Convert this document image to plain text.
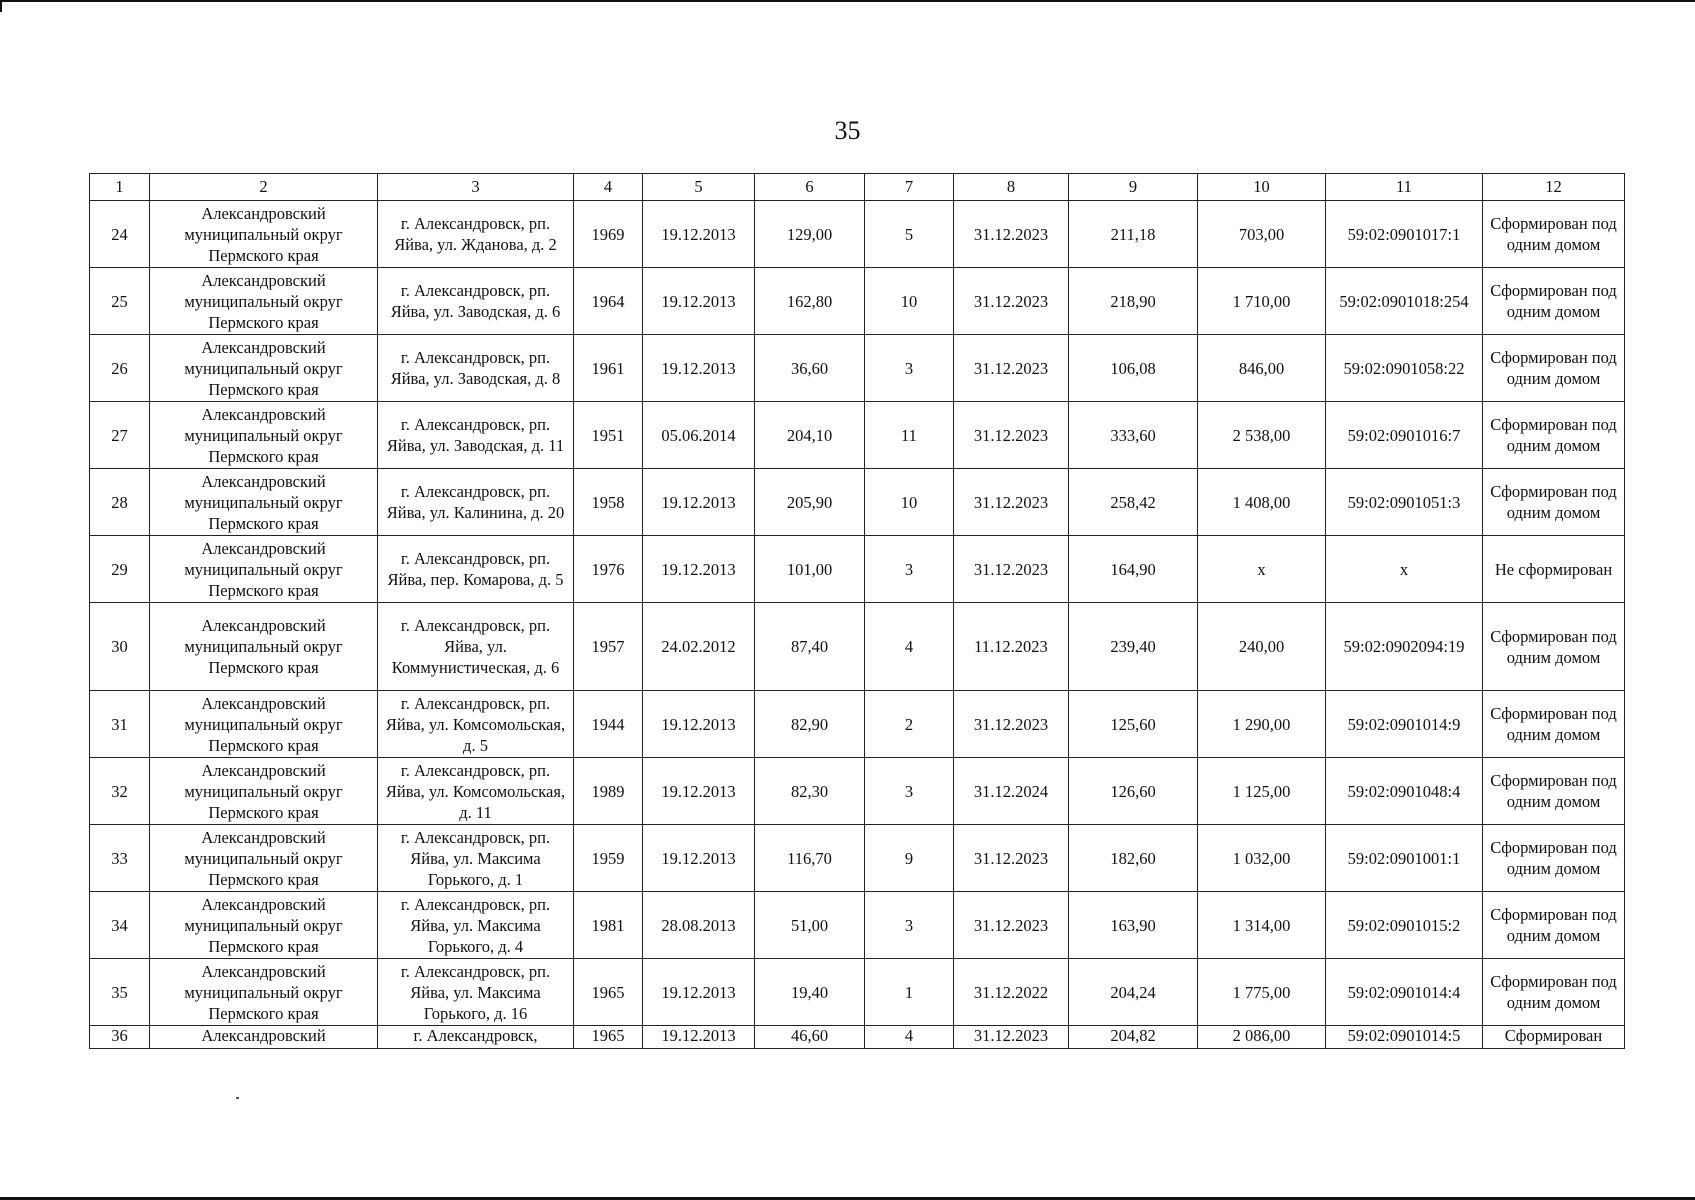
35
1	2	3	4	5	6	7	8	9	10	11	12
24	Александровский муниципальный округ Пермского края	г. Александровск, рп. Яйва, ул. Жданова, д. 2	1969	19.12.2013	129,00	5	31.12.2023	211,18	703,00	59:02:0901017:1	Сформирован под одним домом
25	Александровский муниципальный округ Пермского края	г. Александровск, рп. Яйва, ул. Заводская, д. 6	1964	19.12.2013	162,80	10	31.12.2023	218,90	1 710,00	59:02:0901018:254	Сформирован под одним домом
26	Александровский муниципальный округ Пермского края	г. Александровск, рп. Яйва, ул. Заводская, д. 8	1961	19.12.2013	36,60	3	31.12.2023	106,08	846,00	59:02:0901058:22	Сформирован под одним домом
27	Александровский муниципальный округ Пермского края	г. Александровск, рп. Яйва, ул. Заводская, д. 11	1951	05.06.2014	204,10	11	31.12.2023	333,60	2 538,00	59:02:0901016:7	Сформирован под одним домом
28	Александровский муниципальный округ Пермского края	г. Александровск, рп. Яйва, ул. Калинина, д. 20	1958	19.12.2013	205,90	10	31.12.2023	258,42	1 408,00	59:02:0901051:3	Сформирован под одним домом
29	Александровский муниципальный округ Пермского края	г. Александровск, рп. Яйва, пер. Комарова, д. 5	1976	19.12.2013	101,00	3	31.12.2023	164,90	х	х	Не сформирован
30	Александровский муниципальный округ Пермского края	г. Александровск, рп. Яйва, ул. Коммунистическая, д. 6	1957	24.02.2012	87,40	4	11.12.2023	239,40	240,00	59:02:0902094:19	Сформирован под одним домом
31	Александровский муниципальный округ Пермского края	г. Александровск, рп. Яйва, ул. Комсомольская, д. 5	1944	19.12.2013	82,90	2	31.12.2023	125,60	1 290,00	59:02:0901014:9	Сформирован под одним домом
32	Александровский муниципальный округ Пермского края	г. Александровск, рп. Яйва, ул. Комсомольская, д. 11	1989	19.12.2013	82,30	3	31.12.2024	126,60	1 125,00	59:02:0901048:4	Сформирован под одним домом
33	Александровский муниципальный округ Пермского края	г. Александровск, рп. Яйва, ул. Максима Горького, д. 1	1959	19.12.2013	116,70	9	31.12.2023	182,60	1 032,00	59:02:0901001:1	Сформирован под одним домом
34	Александровский муниципальный округ Пермского края	г. Александровск, рп. Яйва, ул. Максима Горького, д. 4	1981	28.08.2013	51,00	3	31.12.2023	163,90	1 314,00	59:02:0901015:2	Сформирован под одним домом
35	Александровский муниципальный округ Пермского края	г. Александровск, рп. Яйва, ул. Максима Горького, д. 16	1965	19.12.2013	19,40	1	31.12.2022	204,24	1 775,00	59:02:0901014:4	Сформирован под одним домом
36	Александровский	г. Александровск,	1965	19.12.2013	46,60	4	31.12.2023	204,82	2 086,00	59:02:0901014:5	Сформирован
